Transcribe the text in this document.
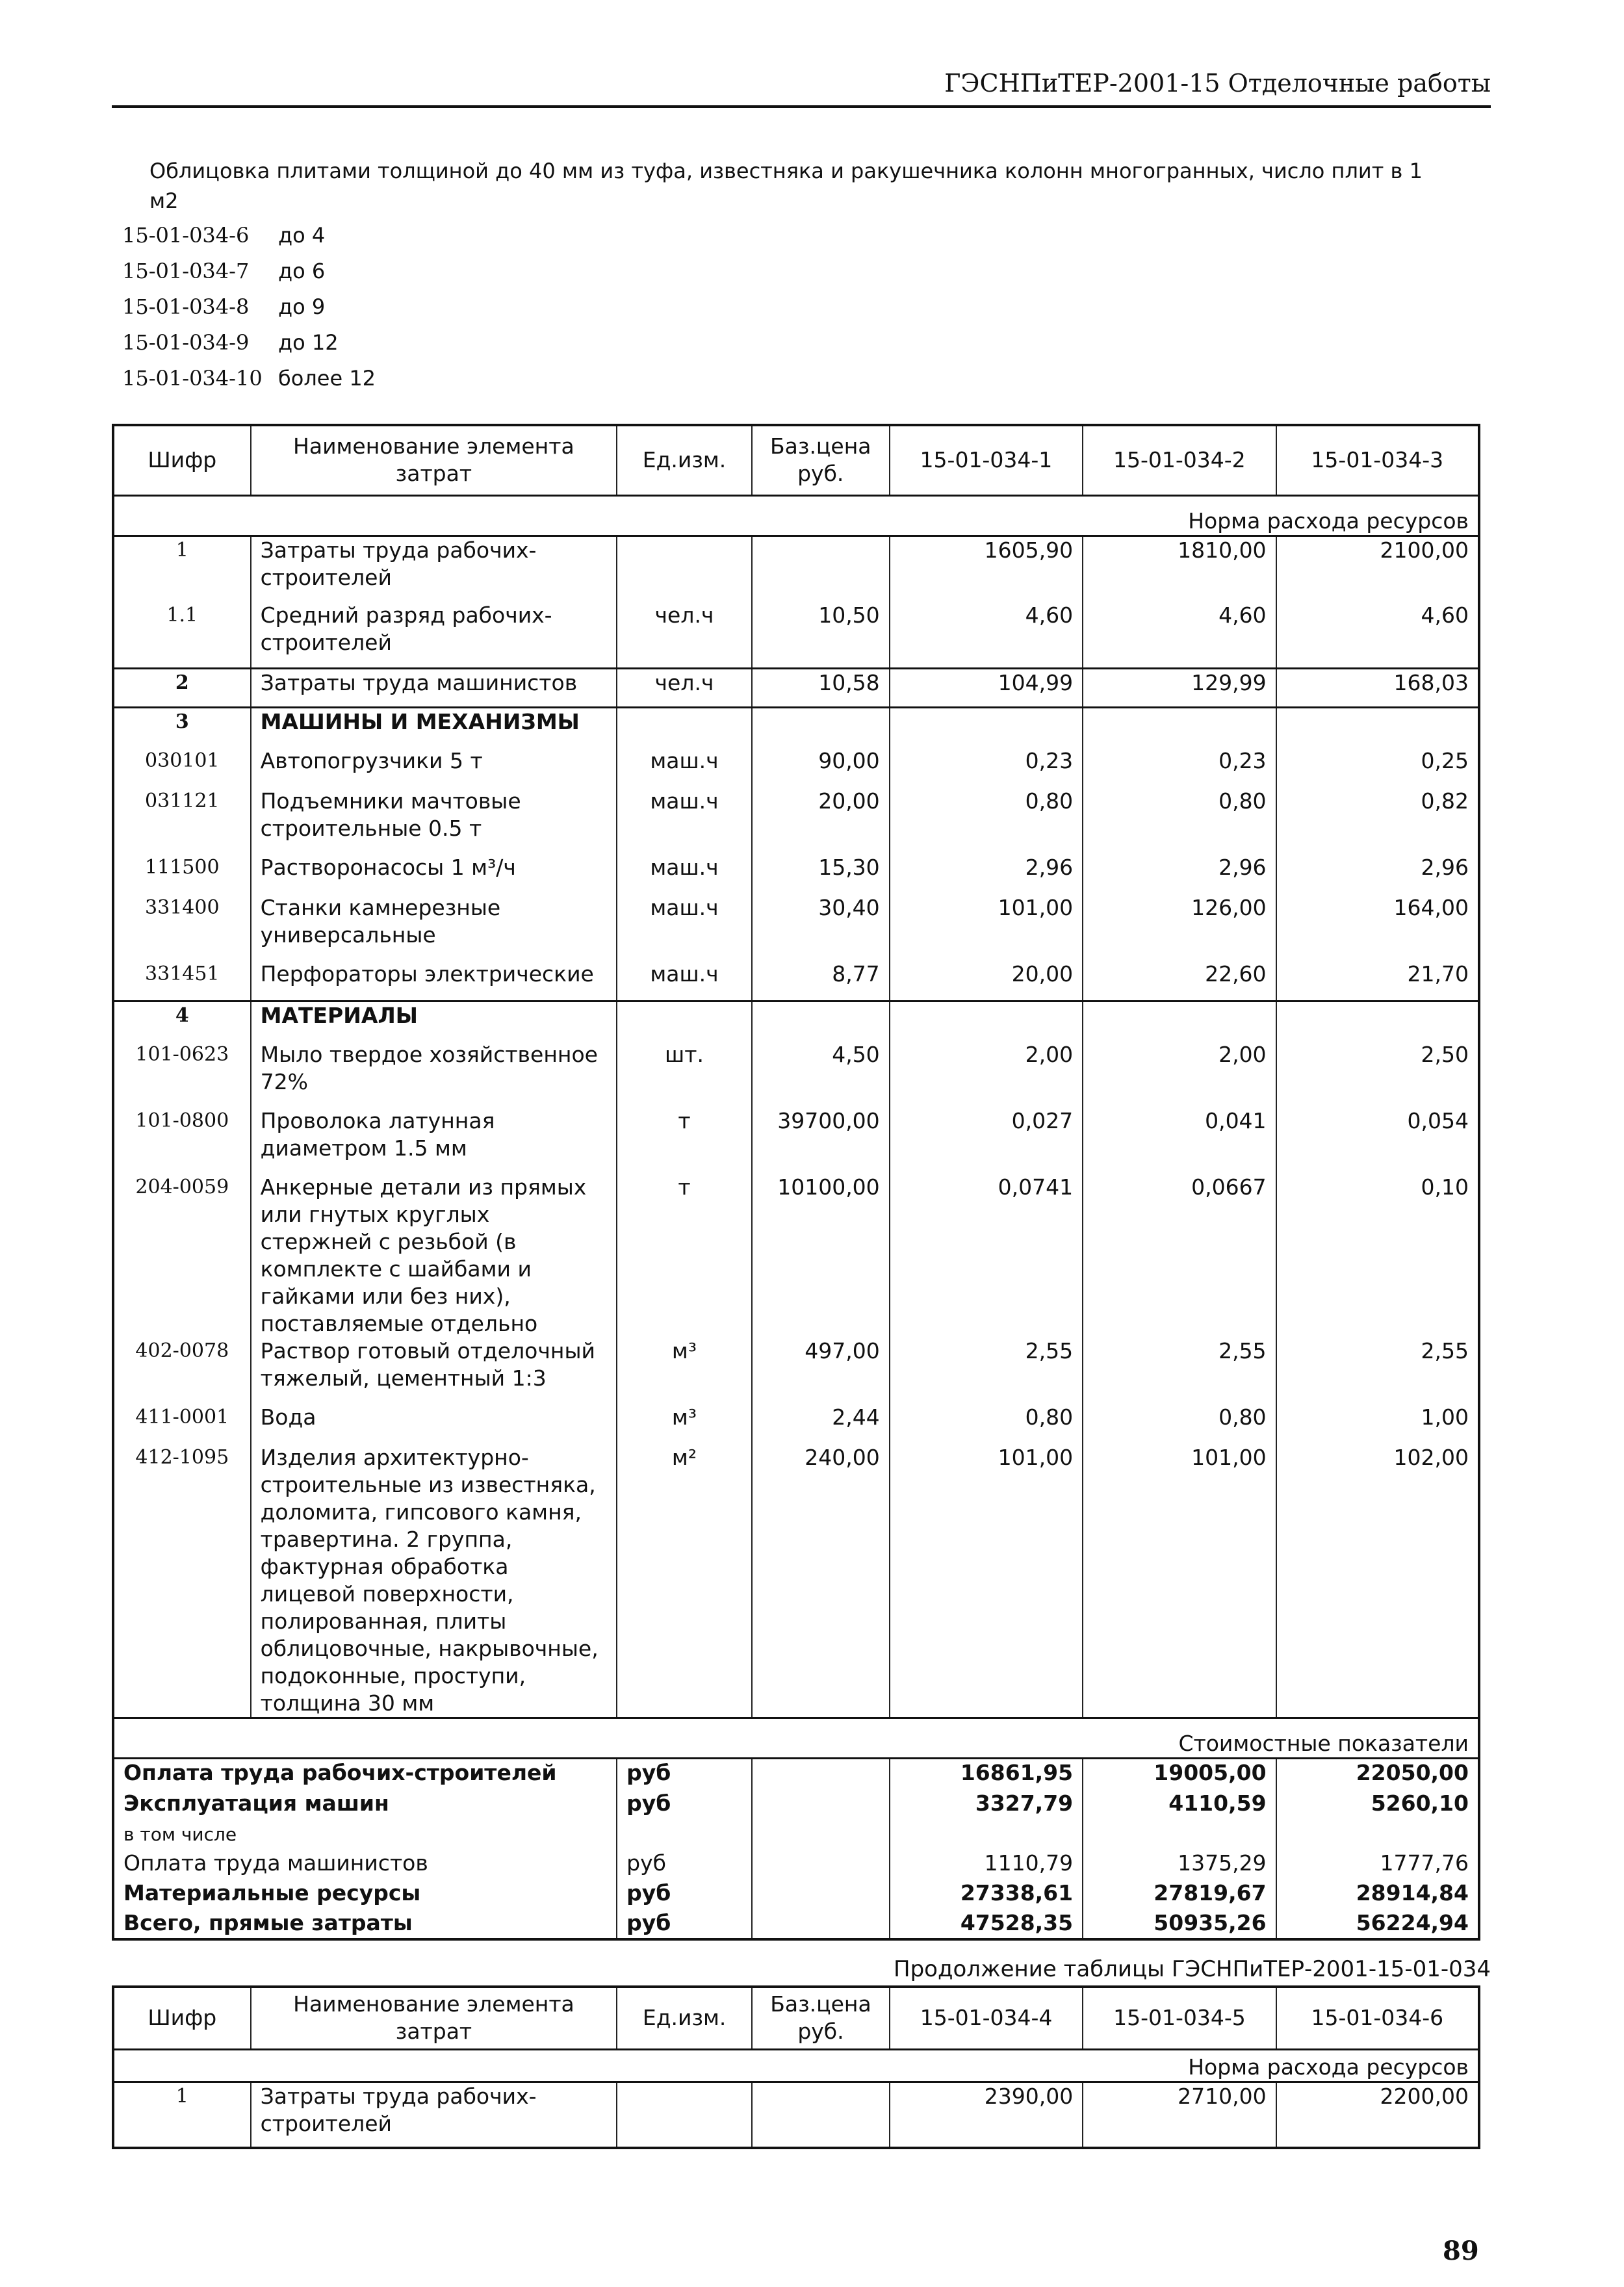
ГЭСНПиТЕР-2001-15 Отделочные работы
Облицовка плитами толщиной до 40 мм из туфа, известняка и ракушечника колонн многогранных, число плит в 1 м2
15-01-034-6	до 4
15-01-034-7	до 6
15-01-034-8	до 9
15-01-034-9	до 12
15-01-034-10 более 12
Шифр	Наименование элемента затрат	Ед.изм.	Баз.цена руб.	15-01-034-1	15-01-034-2	15-01-034-3
Норма расхода ресурсов						
1	Затраты труда рабочих-строителей			1605,90	1810,00	2100,00
1.1	Средний разряд рабочих-строителей	чел.ч	10,50	4,60	4,60	4,60
2	Затраты труда машинистов	чел.ч	10,58	104,99	129,99	168,03
3	МАШИНЫ И МЕХАНИЗМЫ					
030101	Автопогрузчики 5 т	маш.ч	90,00	0,23	0,23	0,25
031121	Подъемники мачтовые строительные 0.5 т	маш.ч	20,00	0,80	0,80	0,82
111500	Растворонасосы 1 м³/ч	маш.ч	15,30	2,96	2,96	2,96
331400	Станки камнерезные универсальные	маш.ч	30,40	101,00	126,00	164,00
331451	Перфораторы электрические	маш.ч	8,77	20,00	22,60	21,70
4	МАТЕРИАЛЫ					
101-0623	Мыло твердое хозяйственное 72%	шт.	4,50	2,00	2,00	2,50
101-0800	Проволока латунная диаметром 1.5 мм	т	39700,00	0,027	0,041	0,054
204-0059	Анкерные детали из прямых или гнутых круглых стержней с резьбой (в комплекте с шайбами и гайками или без них), поставляемые отдельно	т	10100,00	0,0741	0,0667	0,10
402-0078	Раствор готовый отделочный тяжелый, цементный 1:3	м³	497,00	2,55	2,55	2,55
411-0001	Вода	м³	2,44	0,80	0,80	1,00
412-1095	Изделия архитектурно-строительные из известняка, доломита, гипсового камня, травертина. 2 группа, фактурная обработка лицевой поверхности, полированная, плиты облицовочные, накрывочные, подоконные, проступи, толщина 30 мм	м²	240,00	101,00	101,00	102,00
Стоимостные показатели						
Оплата труда рабочих-строителей		руб		16861,95	19005,00	22050,00
Эксплуатация машин		руб		3327,79	4110,59	5260,10
в том числе						
Оплата труда машинистов		руб		1110,79	1375,29	1777,76
Материальные ресурсы		руб		27338,61	27819,67	28914,84
Всего, прямые затраты		руб		47528,35	50935,26	56224,94
Продолжение таблицы ГЭСНПиТЕР-2001-15-01-034
Шифр	Наименование элемента затрат	Ед.изм.	Баз.цена руб.	15-01-034-4	15-01-034-5	15-01-034-6
Норма расхода ресурсов						
1	Затраты труда рабочих-строителей			2390,00	2710,00	2200,00
89
